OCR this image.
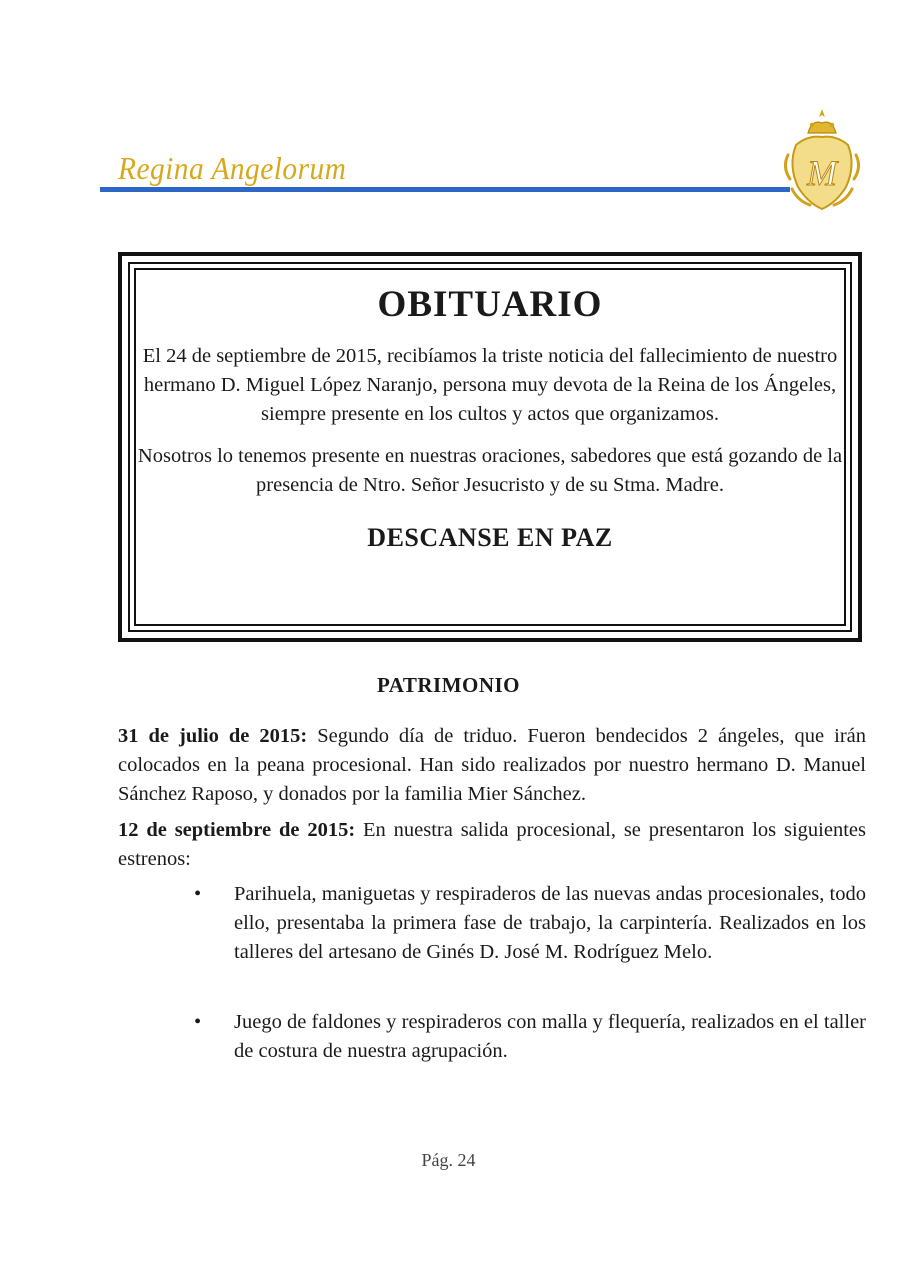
Regina Angelorum	M
OBITUARIO

El 24 de septiembre de 2015, recibíamos la triste noticia del fallecimiento de nuestro hermano D. Miguel López Naranjo, persona muy devota de la Reina de los Ángeles, siempre presente en los cultos y actos que organizamos.

Nosotros lo tenemos presente en nuestras oraciones, sabedores que está gozando de la presencia de Ntro. Señor Jesucristo y de su Stma. Madre.

DESCANSE EN PAZ
PATRIMONIO

31 de julio de 2015: Segundo día de triduo. Fueron bendecidos 2 ángeles, que irán colocados en la peana procesional. Han sido realizados por nuestro hermano D. Manuel Sánchez Raposo, y donados por la familia Mier Sánchez.

12 de septiembre de 2015: En nuestra salida procesional, se presentaron los siguientes estrenos:

• Parihuela, maniguetas y respiraderos de las nuevas andas procesionales, todo ello, presentaba la primera fase de trabajo, la carpintería. Realizados en los talleres del artesano de Ginés D. José M. Rodríguez Melo.
• Juego de faldones y respiraderos con malla y flequería, realizados en el taller de costura de nuestra agrupación.
Pág. 24
